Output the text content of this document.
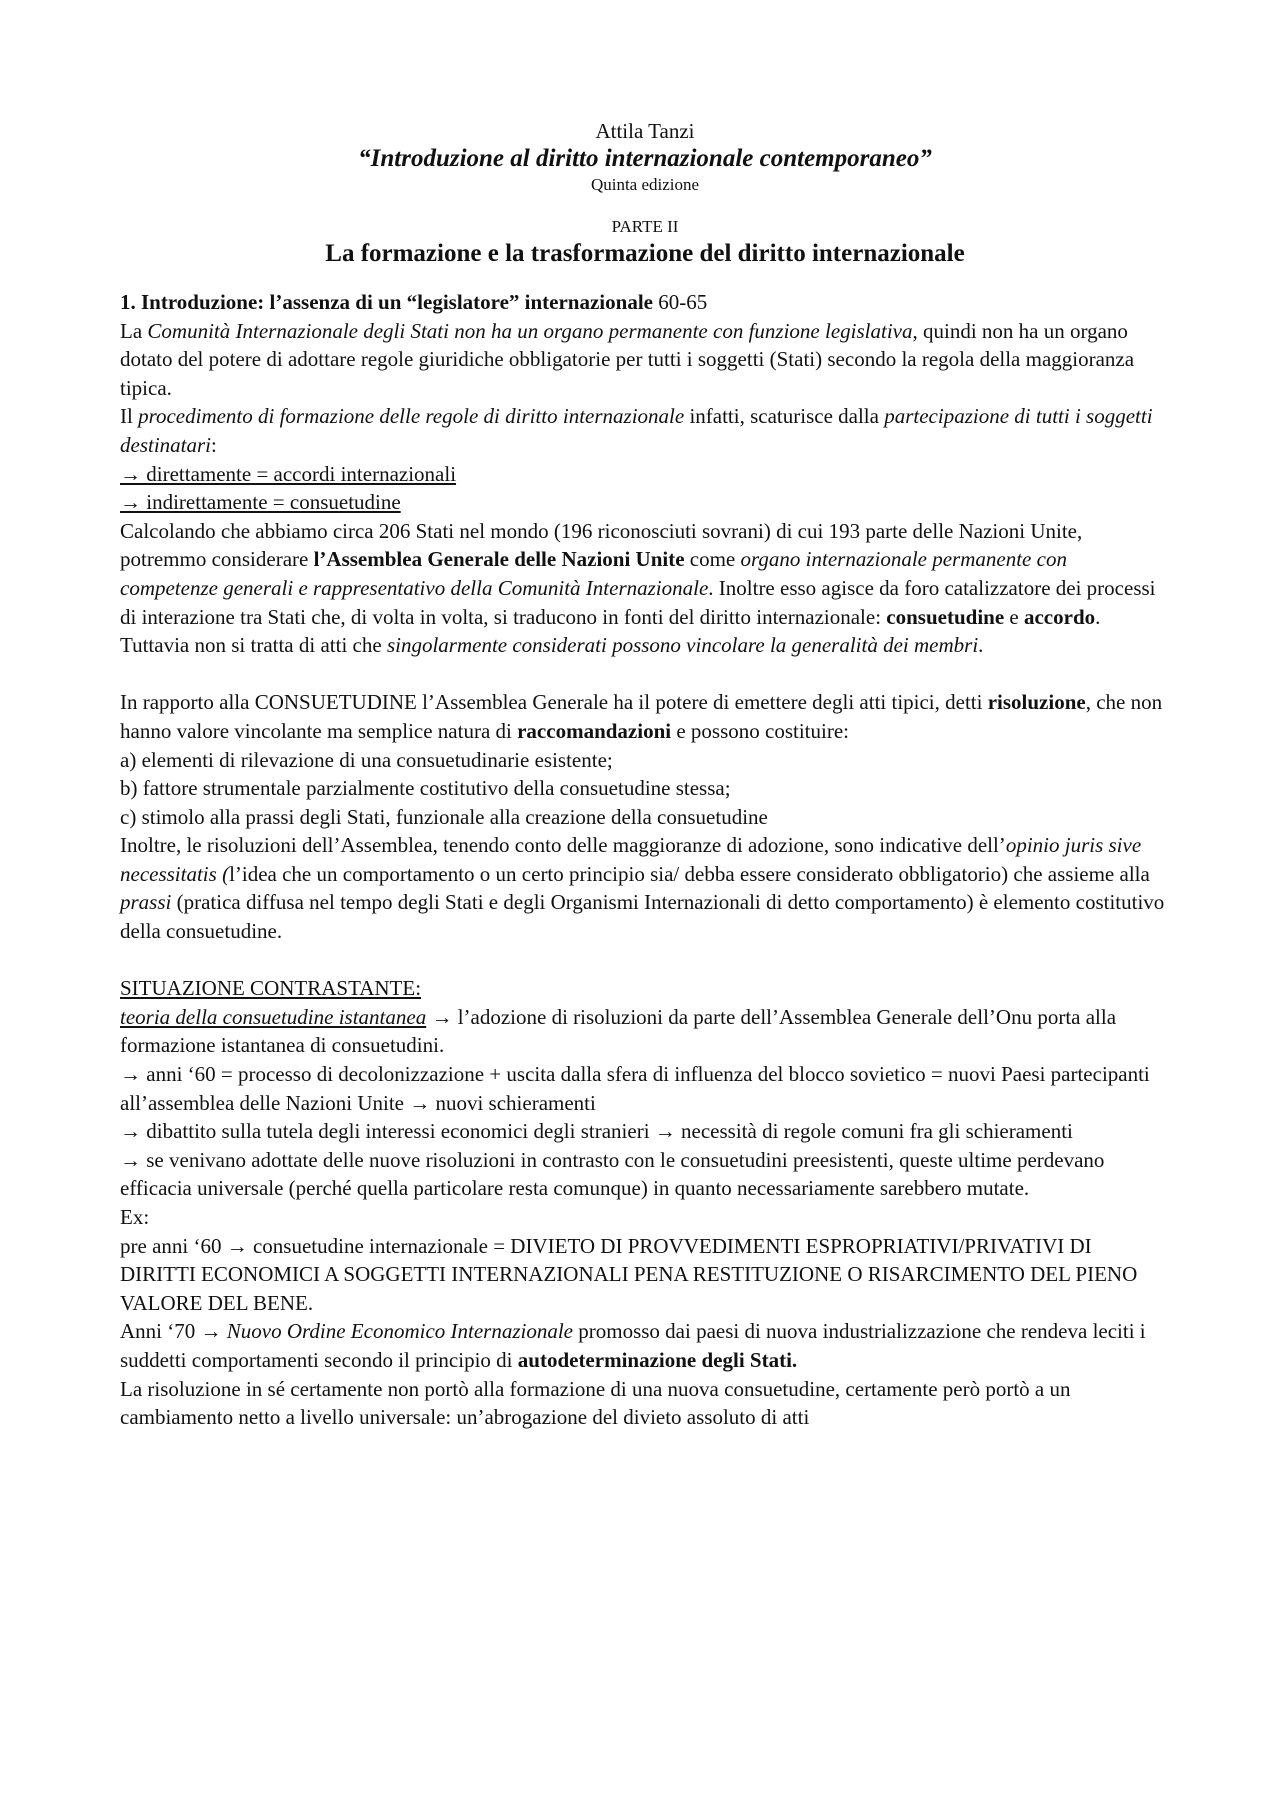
Attila Tanzi
“Introduzione al diritto internazionale contemporaneo”
Quinta edizione
PARTE II
La formazione e la trasformazione del diritto internazionale

1. Introduzione: l’assenza di un “legislatore” internazionale 60-65

La Comunità Internazionale degli Stati non ha un organo permanente con funzione legislativa, quindi non ha un organo dotato del potere di adottare regole giuridiche obbligatorie per tutti i soggetti (Stati) secondo la regola della maggioranza tipica.

Il procedimento di formazione delle regole di diritto internazionale infatti, scaturisce dalla partecipazione di tutti i soggetti destinatari:

→ direttamente = accordi internazionali

→ indirettamente = consuetudine

Calcolando che abbiamo circa 206 Stati nel mondo (196 riconosciuti sovrani) di cui 193 parte delle Nazioni Unite, potremmo considerare l’Assemblea Generale delle Nazioni Unite come organo internazionale permanente con competenze generali e rappresentativo della Comunità Internazionale. Inoltre esso agisce da foro catalizzatore dei processi di interazione tra Stati che, di volta in volta, si traducono in fonti del diritto internazionale: consuetudine e accordo.

Tuttavia non si tratta di atti che singolarmente considerati possono vincolare la generalità dei membri.

In rapporto alla CONSUETUDINE l’Assemblea Generale ha il potere di emettere degli atti tipici, detti risoluzione, che non hanno valore vincolante ma semplice natura di raccomandazioni e possono costituire:

a) elementi di rilevazione di una consuetudinarie esistente;

b) fattore strumentale parzialmente costitutivo della consuetudine stessa;

c) stimolo alla prassi degli Stati, funzionale alla creazione della consuetudine

Inoltre, le risoluzioni dell’Assemblea, tenendo conto delle maggioranze di adozione, sono indicative dell’opinio juris sive necessitatis (l’idea che un comportamento o un certo principio sia/ debba essere considerato obbligatorio) che assieme alla prassi (pratica diffusa nel tempo degli Stati e degli Organismi Internazionali di detto comportamento) è elemento costitutivo della consuetudine.

SITUAZIONE CONTRASTANTE:

teoria della consuetudine istantanea → l’adozione di risoluzioni da parte dell’Assemblea Generale dell’Onu porta alla formazione istantanea di consuetudini.

→ anni ‘60 = processo di decolonizzazione + uscita dalla sfera di influenza del blocco sovietico = nuovi Paesi partecipanti all’assemblea delle Nazioni Unite → nuovi schieramenti

→ dibattito sulla tutela degli interessi economici degli stranieri → necessità di regole comuni fra gli schieramenti

→ se venivano adottate delle nuove risoluzioni in contrasto con le consuetudini preesistenti, queste ultime perdevano efficacia universale (perché quella particolare resta comunque) in quanto necessariamente sarebbero mutate.

Ex:

pre anni ‘60 → consuetudine internazionale = DIVIETO DI PROVVEDIMENTI ESPROPRIATIVI/PRIVATIVI DI DIRITTI ECONOMICI A SOGGETTI INTERNAZIONALI PENA RESTITUZIONE O RISARCIMENTO DEL PIENO VALORE DEL BENE.

Anni ‘70 → Nuovo Ordine Economico Internazionale promosso dai paesi di nuova industrializzazione che rendeva leciti i suddetti comportamenti secondo il principio di autodeterminazione degli Stati.

La risoluzione in sé certamente non portò alla formazione di una nuova consuetudine, certamente però portò a un cambiamento netto a livello universale: un’abrogazione del divieto assoluto di atti
